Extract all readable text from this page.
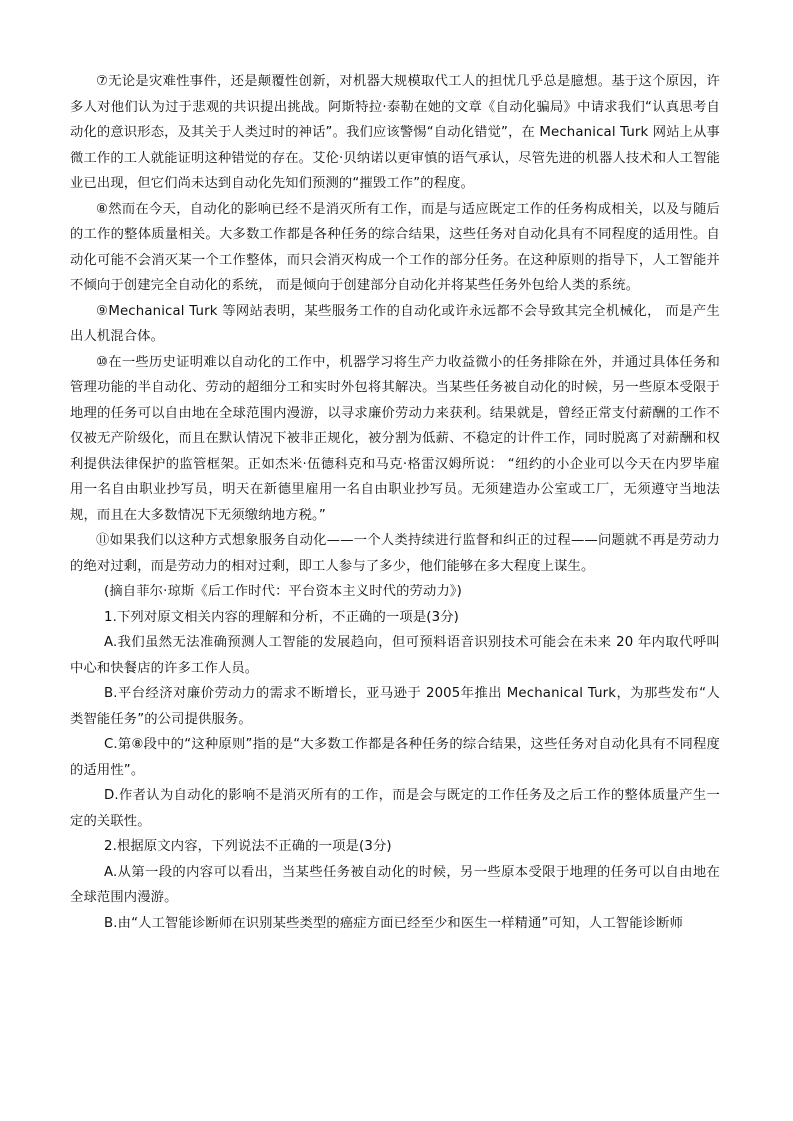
⑦无论是灾难性事件，还是颠覆性创新，对机器大规模取代工人的担忧几乎总是臆想。基于这个原因，许多人对他们认为过于悲观的共识提出挑战。阿斯特拉·泰勒在她的文章《自动化骗局》中请求我们“认真思考自动化的意识形态，及其关于人类过时的神话”。我们应该警惕“自动化错觉”，在 Mechanical Turk 网站上从事微工作的工人就能证明这种错觉的存在。艾伦·贝纳诺以更审慎的语气承认，尽管先进的机器人技术和人工智能业已出现，但它们尚未达到自动化先知们预测的“摧毁工作”的程度。

⑧然而在今天，自动化的影响已经不是消灭所有工作，而是与适应既定工作的任务构成相关，以及与随后的工作的整体质量相关。大多数工作都是各种任务的综合结果，这些任务对自动化具有不同程度的适用性。自动化可能不会消灭某一个工作整体，而只会消灭构成一个工作的部分任务。在这种原则的指导下，人工智能并不倾向于创建完全自动化的系统， 而是倾向于创建部分自动化并将某些任务外包给人类的系统。

⑨Mechanical Turk 等网站表明，某些服务工作的自动化或许永远都不会导致其完全机械化， 而是产生出人机混合体。

⑩在一些历史证明难以自动化的工作中，机器学习将生产力收益微小的任务排除在外，并通过具体任务和管理功能的半自动化、劳动的超细分工和实时外包将其解决。当某些任务被自动化的时候，另一些原本受限于地理的任务可以自由地在全球范围内漫游，以寻求廉价劳动力来获利。结果就是，曾经正常支付薪酬的工作不仅被无产阶级化，而且在默认情况下被非正规化，被分割为低薪、不稳定的计件工作，同时脱离了对薪酬和权利提供法律保护的监管框架。正如杰米·伍德科克和马克·格雷汉姆所说： “纽约的小企业可以今天在内罗毕雇用一名自由职业抄写员，明天在新德里雇用一名自由职业抄写员。无须建造办公室或工厂，无须遵守当地法规，而且在大多数情况下无须缴纳地方税。”

⑪如果我们以这种方式想象服务自动化——一个人类持续进行监督和纠正的过程——问题就不再是劳动力的绝对过剩，而是劳动力的相对过剩，即工人参与了多少，他们能够在多大程度上谋生。

(摘自菲尔·琼斯《后工作时代：平台资本主义时代的劳动力》)

1.下列对原文相关内容的理解和分析，不正确的一项是(3分)

A.我们虽然无法准确预测人工智能的发展趋向，但可预料语音识别技术可能会在未来 20 年内取代呼叫中心和快餐店的许多工作人员。

B.平台经济对廉价劳动力的需求不断增长，亚马逊于 2005年推出 Mechanical Turk，为那些发布“人类智能任务”的公司提供服务。

C.第⑧段中的“这种原则”指的是“大多数工作都是各种任务的综合结果，这些任务对自动化具有不同程度的适用性”。

D.作者认为自动化的影响不是消灭所有的工作，而是会与既定的工作任务及之后工作的整体质量产生一定的关联性。

2.根据原文内容，下列说法不正确的一项是(3分)

A.从第一段的内容可以看出，当某些任务被自动化的时候，另一些原本受限于地理的任务可以自由地在全球范围内漫游。

B.由“人工智能诊断师在识别某些类型的癌症方面已经至少和医生一样精通”可知，人工智能诊断师
